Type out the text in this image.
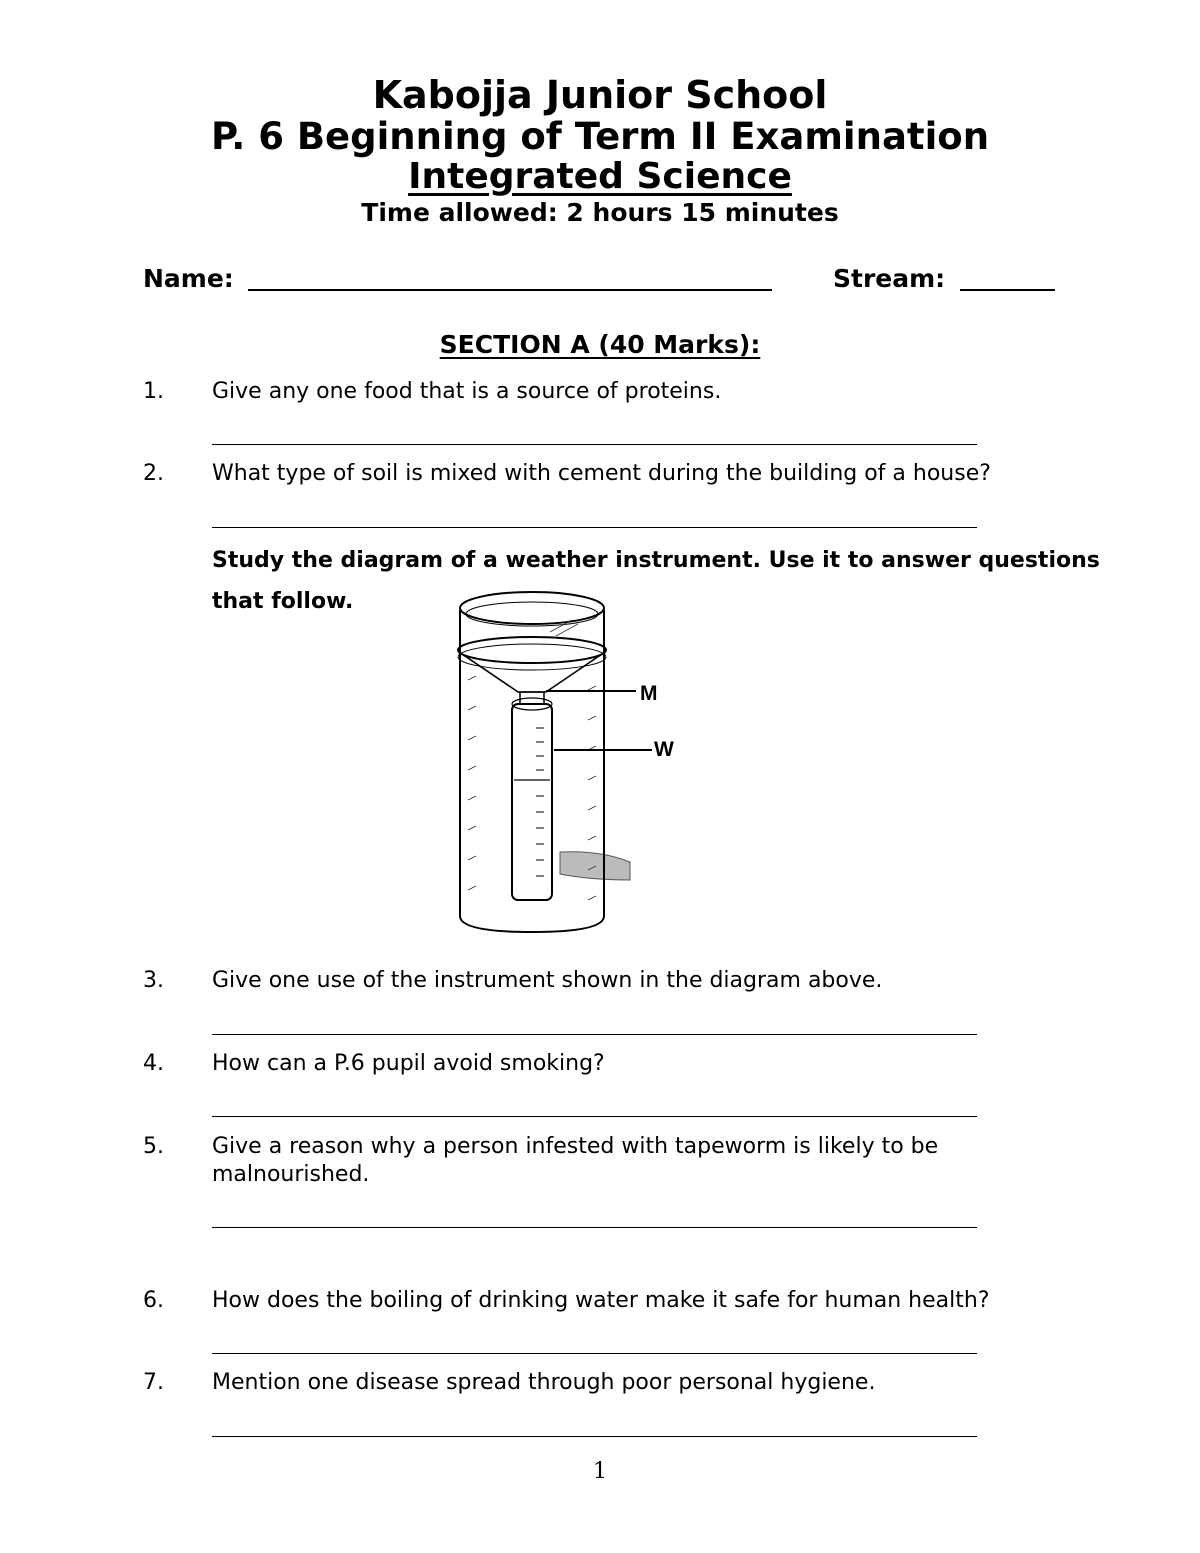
Kabojja Junior School
P. 6 Beginning of Term II Examination
Integrated Science
Time allowed: 2 hours 15 minutes
Name:	Stream:
SECTION A (40 Marks):
1. Give any one food that is a source of proteins.
2. What type of soil is mixed with cement during the building of a house?
Study the diagram of a weather instrument. Use it to answer questions that follow.
M
W
3. Give one use of the instrument shown in the diagram above.
4. How can a P.6 pupil avoid smoking?
5. Give a reason why a person infested with tapeworm is likely to be malnourished.
6. How does the boiling of drinking water make it safe for human health?
7. Mention one disease spread through poor personal hygiene.
1
